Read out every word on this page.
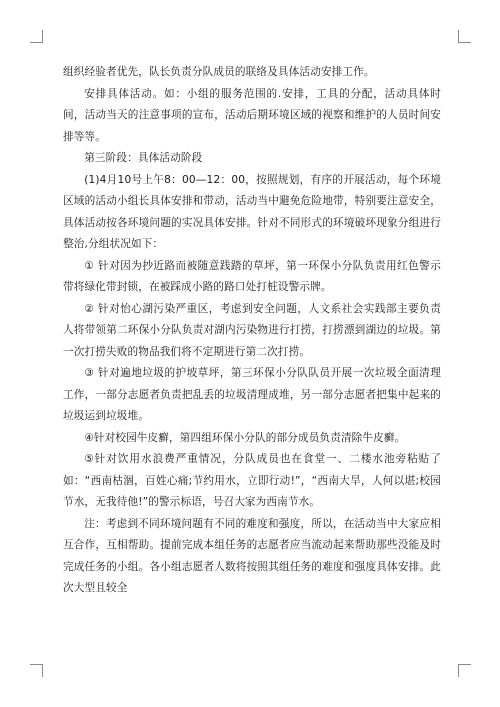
组织经验者优先，队长负责分队成员的联络及具体活动安排工作。

安排具体活动。如：小组的服务范围的.安排，工具的分配，活动具体时间，活动当天的注意事项的宣布，活动后期环境区域的视察和维护的人员时间安排等等。

第三阶段：具体活动阶段

(1)4月10号上午8：00—12：00，按照规划，有序的开展活动，每个环境区域的活动小组长具体安排和带动，活动当中避免危险地带，特别要注意安全，具体活动按各环境问题的实况具体安排。针对不同形式的环境破坏现象分组进行整治,分组状况如下：

① 针对因为抄近路而被随意践踏的草坪，第一环保小分队负责用红色警示带将绿化带封锁，在被踩成小路的路口处打桩设警示牌。

② 针对怡心湖污染严重区，考虑到安全问题，人文系社会实践部主要负责人将带领第二环保小分队负责对湖内污染物进行打捞，打捞漂到湖边的垃圾。第一次打捞失败的物品我们将不定期进行第二次打捞。

③ 针对遍地垃圾的护坡草坪，第三环保小分队队员开展一次垃圾全面清理工作，一部分志愿者负责把乱丢的垃圾清理成堆，另一部分志愿者把集中起来的垃圾运到垃圾堆。

④针对校园牛皮癣，第四组环保小分队的部分成员负责清除牛皮癣。

⑤针对饮用水浪费严重情况，分队成员也在食堂一、二楼水池旁粘贴了如：“西南枯涸，百姓心痛;节约用水，立即行动!”，“西南大旱，人何以堪;校园节水，无我待他!”的警示标语，号召大家为西南节水。

注：考虑到不同环境问题有不同的难度和强度，所以，在活动当中大家应相互合作，互相帮助。提前完成本组任务的志愿者应当流动起来帮助那些没能及时完成任务的小组。各小组志愿者人数将按照其组任务的难度和强度具体安排。此次大型且较全
